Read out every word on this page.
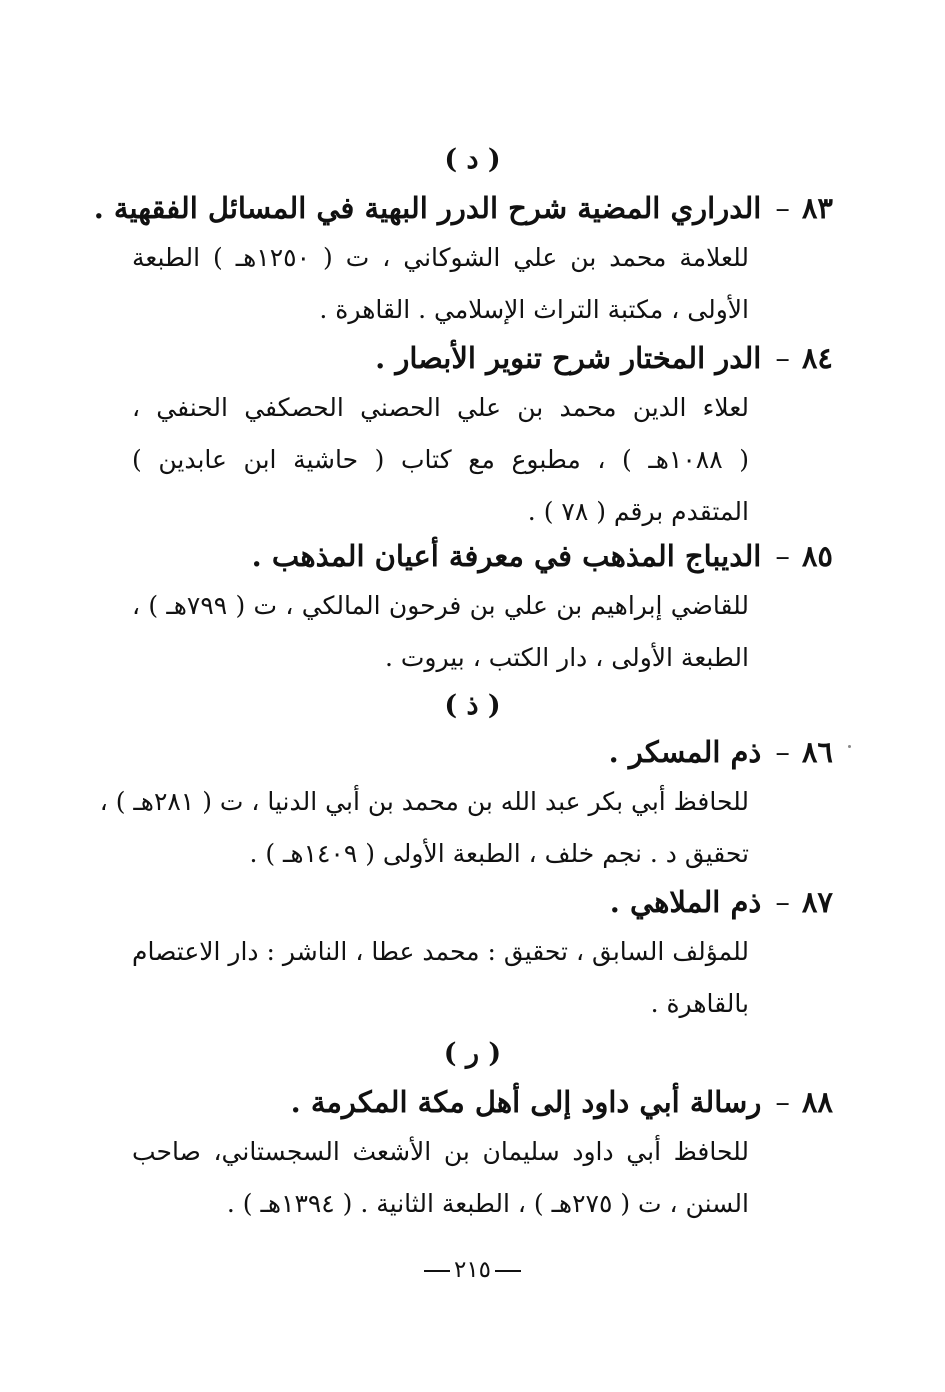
( د )
٨٣–الدراري المضية شرح الدرر البهية في المسائل الفقهية .
للعلامة محمد بن علي الشوكاني ، ت ( ١٢٥٠هـ ) الطبعة
الأولى ، مكتبة التراث الإسلامي . القاهرة .
٨٤–الدر المختار شرح تنوير الأبصار .
لعلاء الدين محمد بن علي الحصني الحصكفي الحنفي ،
( ١٠٨٨هـ ) ، مطبوع مع كتاب ( حاشية ابن عابدين )
المتقدم برقم ( ٧٨ ) .
٨٥–الديباج المذهب في معرفة أعيان المذهب .
للقاضي إبراهيم بن علي بن فرحون المالكي ، ت ( ٧٩٩هـ ) ،
الطبعة الأولى ، دار الكتب ، بيروت .
( ذ )
٨٦–ذم المسكر .
للحافظ أبي بكر عبد الله بن محمد بن أبي الدنيا ، ت ( ٢٨١هـ ) ،
تحقيق د . نجم خلف ، الطبعة الأولى ( ١٤٠٩هـ ) .
٨٧–ذم الملاهي .
للمؤلف السابق ، تحقيق : محمد عطا ، الناشر : دار الاعتصام
بالقاهرة .
( ر )
٨٨–رسالة أبي داود إلى أهل مكة المكرمة .
للحافظ أبي داود سليمان بن الأشعث السجستاني، صاحب
السنن ، ت ( ٢٧٥هـ ) ، الطبعة الثانية . ( ١٣٩٤هـ ) .
٢١٥
